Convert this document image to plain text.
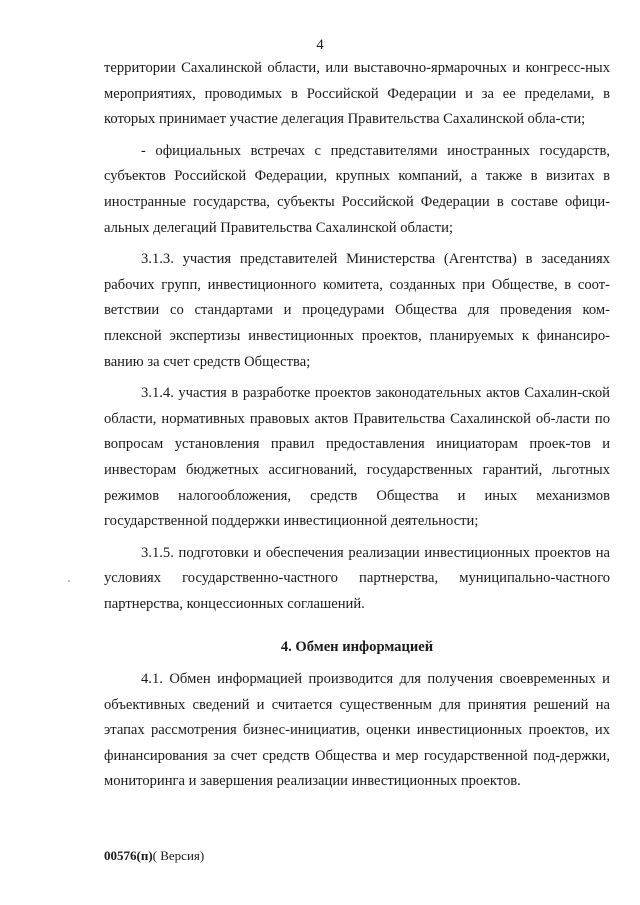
4

территории Сахалинской области, или выставочно-ярмарочных и конгресс-ных мероприятиях, проводимых в Российской Федерации и за ее пределами, в которых принимает участие делегация Правительства Сахалинской обла-сти;

- официальных встречах с представителями иностранных государств, субъектов Российской Федерации, крупных компаний, а также в визитах в иностранные государства, субъекты Российской Федерации в составе офици-альных делегаций Правительства Сахалинской области;

3.1.3. участия представителей Министерства (Агентства) в заседаниях рабочих групп, инвестиционного комитета, созданных при Обществе, в соот-ветствии со стандартами и процедурами Общества для проведения ком-плексной экспертизы инвестиционных проектов, планируемых к финансиро-ванию за счет средств Общества;

3.1.4. участия в разработке проектов законодательных актов Сахалин-ской области, нормативных правовых актов Правительства Сахалинской об-ласти по вопросам установления правил предоставления инициаторам проек-тов и инвесторам бюджетных ассигнований, государственных гарантий, льготных режимов налогообложения, средств Общества и иных механизмов государственной поддержки инвестиционной деятельности;

3.1.5. подготовки и обеспечения реализации инвестиционных проектов на условиях государственно-частного партнерства, муниципально-частного партнерства, концессионных соглашений.

4. Обмен информацией

4.1. Обмен информацией производится для получения своевременных и объективных сведений и считается существенным для принятия решений на этапах рассмотрения бизнес-инициатив, оценки инвестиционных проектов, их финансирования за счет средств Общества и мер государственной под-держки, мониторинга и завершения реализации инвестиционных проектов.

00576(п)( Версия)
